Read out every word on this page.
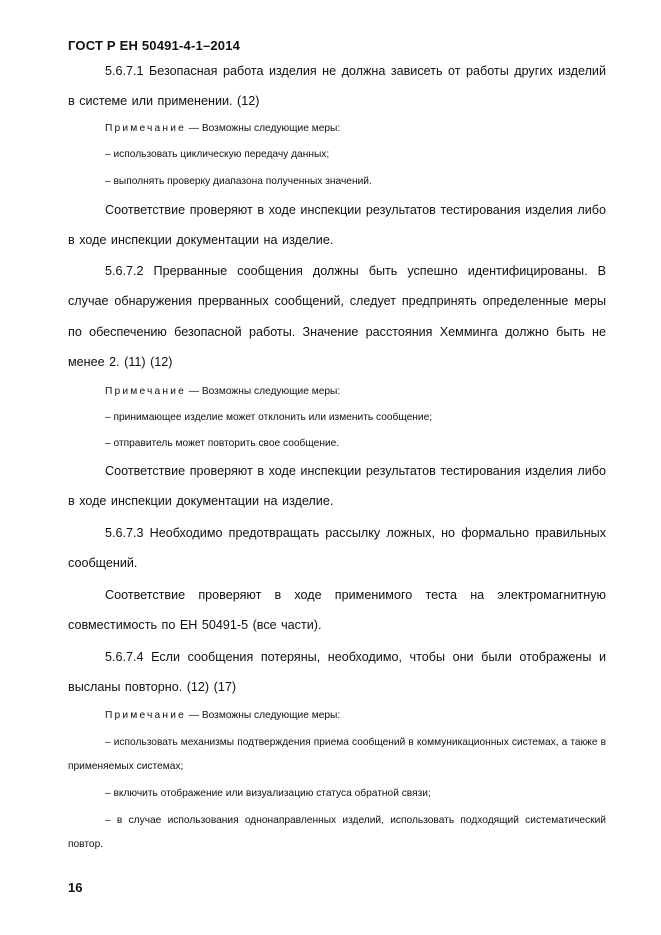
ГОСТ Р ЕН 50491-4-1–2014

5.6.7.1 Безопасная работа изделия не должна зависеть от работы других изделий в системе или применении. (12)

Примечание — Возможны следующие меры:
– использовать циклическую передачу данных;
– выполнять проверку диапазона полученных значений.

Соответствие проверяют в ходе инспекции результатов тестирования изделия либо в ходе инспекции документации на изделие.

5.6.7.2 Прерванные сообщения должны быть успешно идентифицированы. В случае обнаружения прерванных сообщений, следует предпринять определенные меры по обеспечению безопасной работы. Значение расстояния Хемминга должно быть не менее 2. (11) (12)

Примечание — Возможны следующие меры:
– принимающее изделие может отклонить или изменить сообщение;
– отправитель может повторить свое сообщение.

Соответствие проверяют в ходе инспекции результатов тестирования изделия либо в ходе инспекции документации на изделие.

5.6.7.3 Необходимо предотвращать рассылку ложных, но формально правильных сообщений.

Соответствие проверяют в ходе применимого теста на электромагнитную совместимость по ЕН 50491-5 (все части).

5.6.7.4 Если сообщения потеряны, необходимо, чтобы они были отображены и высланы повторно. (12) (17)

Примечание — Возможны следующие меры:
– использовать механизмы подтверждения приема сообщений в коммуникационных системах, а также в применяемых системах;
– включить отображение или визуализацию статуса обратной связи;
– в случае использования однонаправленных изделий, использовать подходящий систематический повтор.
16
